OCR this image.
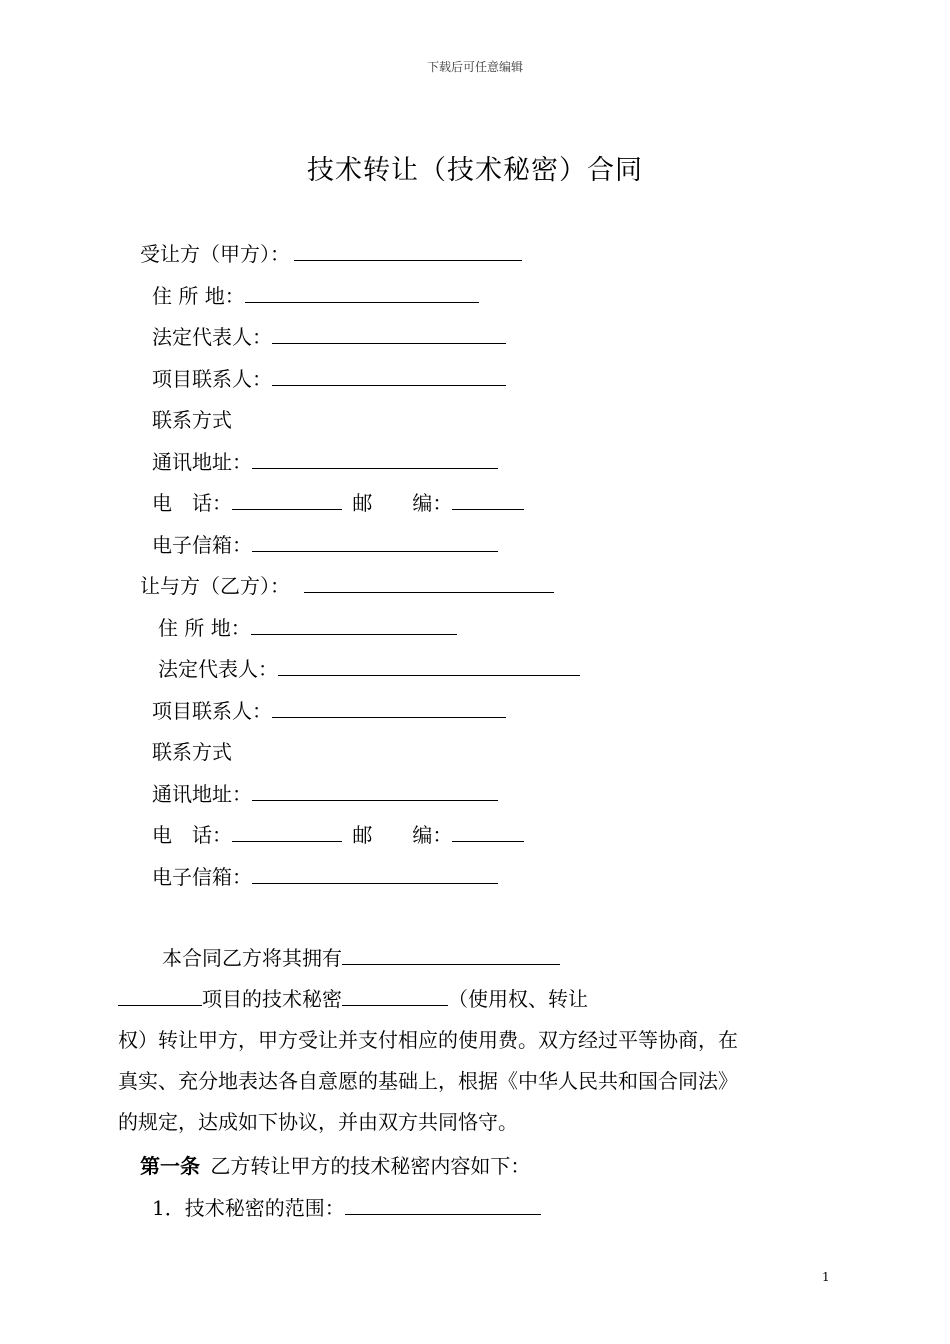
下载后可任意编辑
技术转让（技术秘密）合同
受让方（甲方）：
住 所 地：
法定代表人：
项目联系人：
联系方式
通讯地址：
电　话：	邮　　编：
电子信箱：
让与方（乙方）：
住 所 地：
法定代表人：
项目联系人：
联系方式
通讯地址：
电　话：	邮　　编：
电子信箱：

本合同乙方将其拥有

项目的技术秘密	（使用权、转让

权）转让甲方，甲方受让并支付相应的使用费。双方经过平等协商，在

真实、充分地表达各自意愿的基础上，根据《中华人民共和国合同法》

的规定，达成如下协议，并由双方共同恪守。

第一条 乙方转让甲方的技术秘密内容如下：
1．技术秘密的范围：
1
